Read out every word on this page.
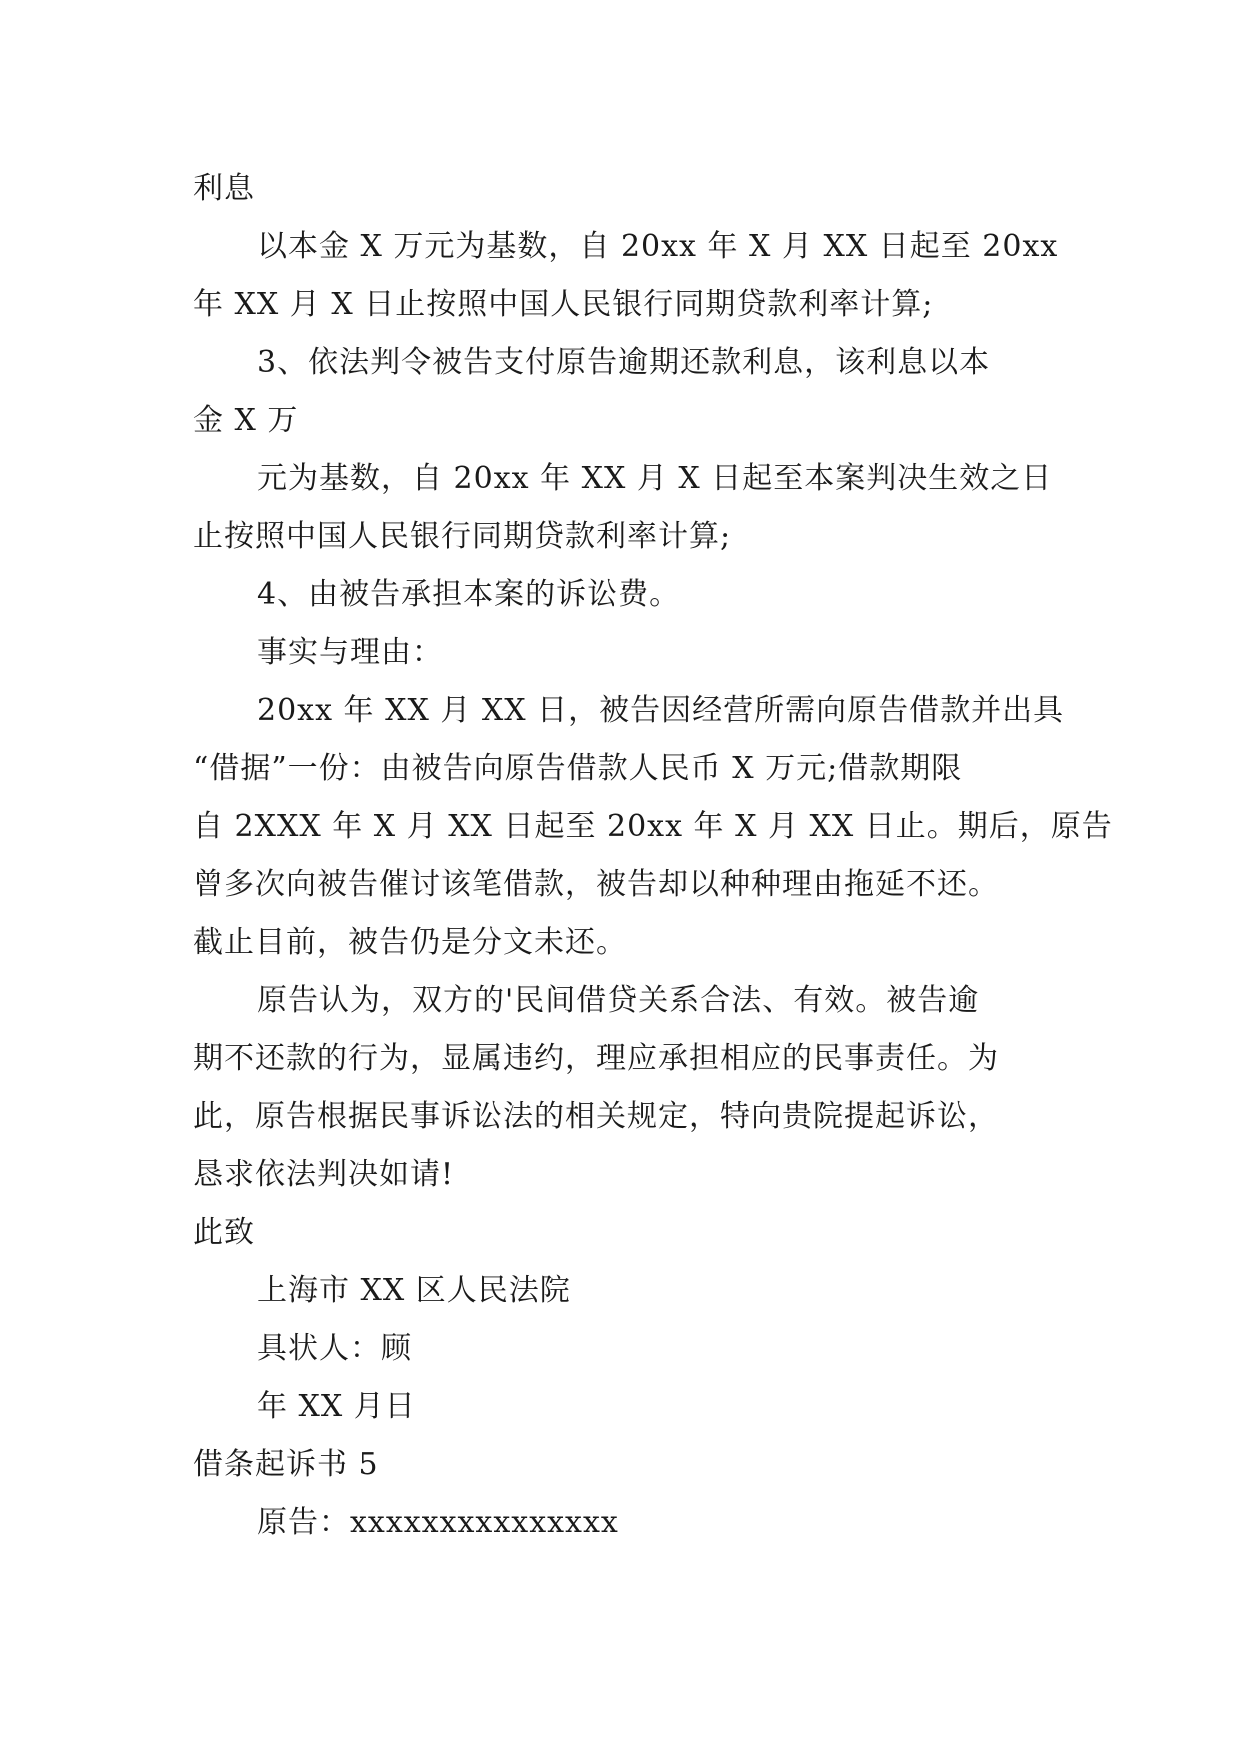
利息
以本金 X 万元为基数，自 20xx 年 X 月 XX 日起至 20xx
年 XX 月 X 日止按照中国人民银行同期贷款利率计算;
3、依法判令被告支付原告逾期还款利息，该利息以本
金 X 万
元为基数，自 20xx 年 XX 月 X 日起至本案判决生效之日
止按照中国人民银行同期贷款利率计算;
4、由被告承担本案的诉讼费。
事实与理由：
20xx 年 XX 月 XX 日，被告因经营所需向原告借款并出具
“借据”一份：由被告向原告借款人民币 X 万元;借款期限
自 2XXX 年 X 月 XX 日起至 20xx 年 X 月 XX 日止。期后，原告
曾多次向被告催讨该笔借款，被告却以种种理由拖延不还。
截止目前，被告仍是分文未还。
原告认为，双方的'民间借贷关系合法、有效。被告逾
期不还款的行为，显属违约，理应承担相应的民事责任。为
此，原告根据民事诉讼法的相关规定，特向贵院提起诉讼，
恳求依法判决如请!
此致
上海市 XX 区人民法院
具状人：顾
年 XX 月日
借条起诉书 5
原告：xxxxxxxxxxxxxxx
